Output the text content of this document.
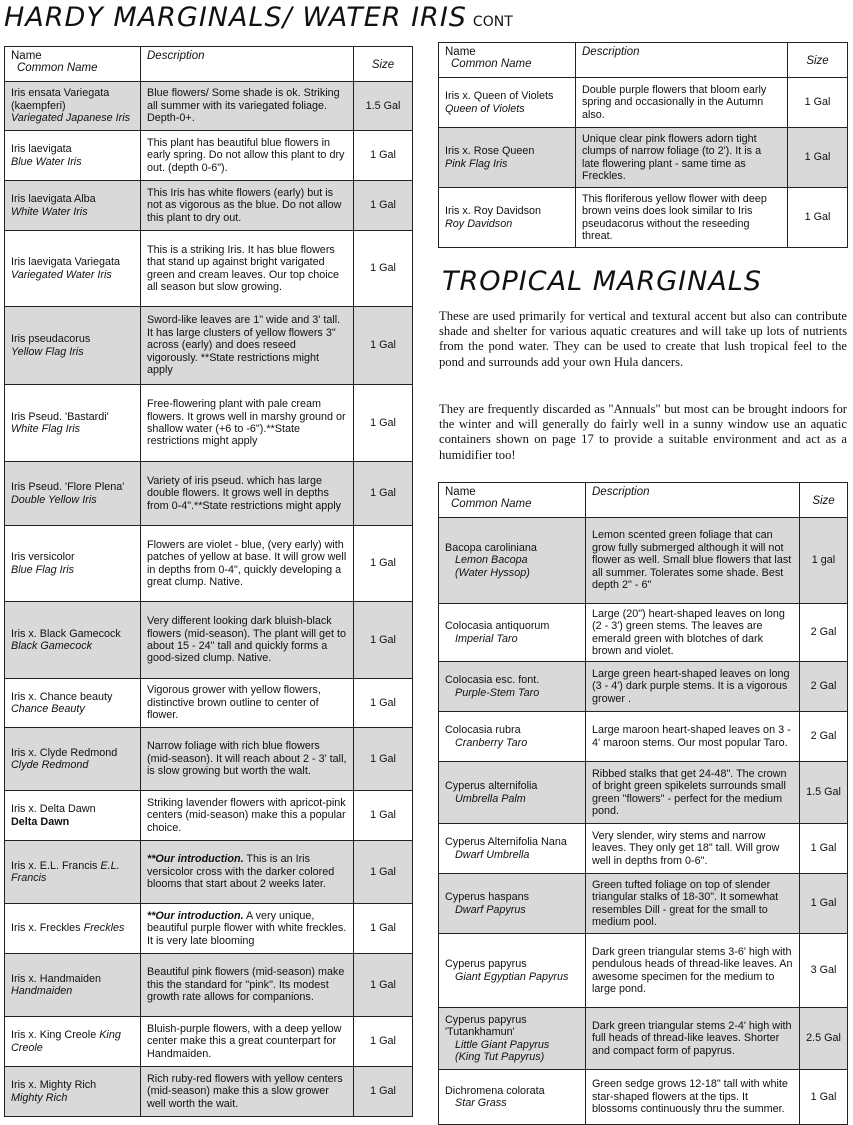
HARDY MARGINALS/ WATER IRIS CONT
Name
Common Name	Description	Size

Iris ensata Variegata (kaempferi)
Variegated Japanese Iris	Blue flowers/ Some shade is ok. Striking all summer with its variegated foliage. Depth-0+.	1.5 Gal

Iris laevigata
Blue Water Iris	This plant has beautiful blue flowers in early spring. Do not allow this plant to dry out. (depth 0-6").	1 Gal

Iris laevigata Alba
White Water Iris	This Iris has white flowers (early) but is not as vigorous as the blue. Do not allow this plant to dry out.	1 Gal

Iris laevigata Variegata
Variegated Water Iris	This is a striking Iris. It has blue flowers that stand up against bright varigated green and cream leaves. Our top choice all season but slow growing.	1 Gal

Iris pseudacorus
Yellow Flag Iris	Sword-like leaves are 1" wide and 3' tall. It has large clusters of yellow flowers 3" across (early) and does reseed vigorously. **State restrictions might apply	1 Gal

Iris Pseud. 'Bastardi'
White Flag Iris	Free-flowering plant with pale cream flowers. It grows well in marshy ground or shallow water (+6 to -6").**State restrictions might apply	1 Gal

Iris Pseud. 'Flore Plena'
Double Yellow Iris	Variety of iris pseud. which has large double flowers. It grows well in depths from 0-4".**State restrictions might apply	1 Gal

Iris versicolor
Blue Flag Iris	Flowers are violet - blue, (very early) with patches of yellow at base. It will grow well in depths from 0-4", quickly developing a great clump. Native.	1 Gal

Iris x. Black Gamecock
Black Gamecock	Very different looking dark bluish-black flowers (mid-season). The plant will get to about 15 - 24" tall and quickly forms a good-sized clump. Native.	1 Gal

Iris x. Chance beauty
Chance Beauty	Vigorous grower with yellow flowers, distinctive brown outline to center of flower.	1 Gal

Iris x. Clyde Redmond
Clyde Redmond	Narrow foliage with rich blue flowers (mid-season). It will reach about 2 - 3' tall, is slow growing but worth the walt.	1 Gal

Iris x. Delta Dawn
Delta Dawn	Striking lavender flowers with apricot-pink centers (mid-season) make this a popular choice.	1 Gal
Iris x. E.L. Francis E.L. Francis	**Our introduction. This is an Iris versicolor cross with the darker colored blooms that start about 2 weeks later.	1 Gal
Iris x. Freckles Freckles	**Our introduction. A very unique, beautiful purple flower with white freckles. It is very late blooming	1 Gal

Iris x. Handmaiden
Handmaiden	Beautiful pink flowers (mid-season) make this the standard for "pink". Its modest growth rate allows for companions.	1 Gal
Iris x. King Creole King Creole	Bluish-purple flowers, with a deep yellow center make this a great counterpart for Handmaiden.	1 Gal

Iris x. Mighty Rich
Mighty Rich	Rich ruby-red flowers with yellow centers (mid-season) make this a slow grower well worth the wait.	1 Gal
Name
Common Name	Description	Size

Iris x. Queen of Violets
Queen of Violets	Double purple flowers that bloom early spring and occasionally in the Autumn also.	1 Gal

Iris x. Rose Queen
Pink Flag Iris	Unique clear pink flowers adorn tight clumps of narrow foliage (to 2'). It is a late flowering plant - same time as Freckles.	1 Gal

Iris x. Roy Davidson
Roy Davidson	This floriferous yellow flower with deep brown veins does look similar to Iris pseudacorus without the reseeding threat.	1 Gal
TROPICAL MARGINALS
These are used primarily for vertical and textural accent but also can contribute shade and shelter for various aquatic creatures and will take up lots of nutrients from the pond water. They can be used to create that lush tropical feel to the pond and surrounds add your own Hula dancers.
They are frequently discarded as "Annuals" but most can be brought indoors for the winter and will generally do fairly well in a sunny window use an aquatic containers shown on page 17 to provide a suitable environment and act as a humidifier too!
Name
Common Name	Description	Size

Bacopa caroliniana
Lemon Bacopa
(Water Hyssop)	Lemon scented green foliage that can grow fully submerged although it will not flower as well. Small blue flowers that last all summer. Tolerates some shade. Best depth 2" - 6"	1 gal

Colocasia antiquorum
Imperial Taro	Large (20") heart-shaped leaves on long (2 - 3') green stems. The leaves are emerald green with blotches of dark brown and violet.	2 Gal

Colocasia esc. font.
Purple-Stem Taro	Large green heart-shaped leaves on long (3 - 4') dark purple stems. It is a vigorous grower .	2 Gal

Colocasia rubra
Cranberry Taro	Large maroon heart-shaped leaves on 3 - 4' maroon stems. Our most popular Taro.	2 Gal

Cyperus alternifolia
Umbrella Palm	Ribbed stalks that get 24-48". The crown of bright green spikelets surrounds small green "flowers" - perfect for the medium pond.	1.5 Gal

Cyperus Alternifolia Nana
Dwarf Umbrella	Very slender, wiry stems and narrow leaves. They only get 18" tall. Will grow well in depths from 0-6".	1 Gal

Cyperus haspans
Dwarf Papyrus	Green tufted foliage on top of slender triangular stalks of 18-30". It somewhat resembles Dill - great for the small to medium pool.	1 Gal

Cyperus papyrus
Giant Egyptian Papyrus	Dark green triangular stems 3-6' high with pendulous heads of thread-like leaves. An awesome specimen for the medium to large pond.	3 Gal

Cyperus papyrus 'Tutankhamun'
Little Giant Papyrus
(King Tut Papyrus)	Dark green triangular stems 2-4' high with full heads of thread-like leaves. Shorter and compact form of papyrus.	2.5 Gal

Dichromena colorata
Star Grass	Green sedge grows 12-18" tall with white star-shaped flowers at the tips. It blossoms continuously thru the summer.	1 Gal
